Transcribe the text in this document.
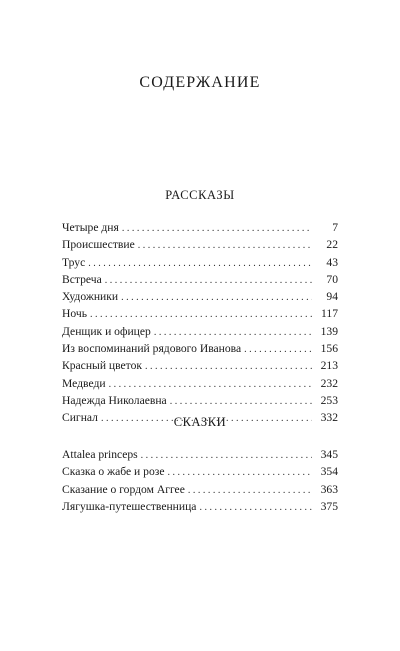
СОДЕРЖАНИЕ
РАССКАЗЫ
Четыре дня . . .	7
Происшествие . . .	22
Трус . . .	43
Встреча . . .	70
Художники . . .	94
Ночь . . .	117
Денщик и офицер . . .	139
Из воспоминаний рядового Иванова . . .	156
Красный цветок . . .	213
Медведи . . .	232
Надежда Николаевна . . .	253
Сигнал . . .	332
СКАЗКИ
Attalea princeps . . .	345
Сказка о жабе и розе . . .	354
Сказание о гордом Аггее . . .	363
Лягушка-путешественница . . .	375
